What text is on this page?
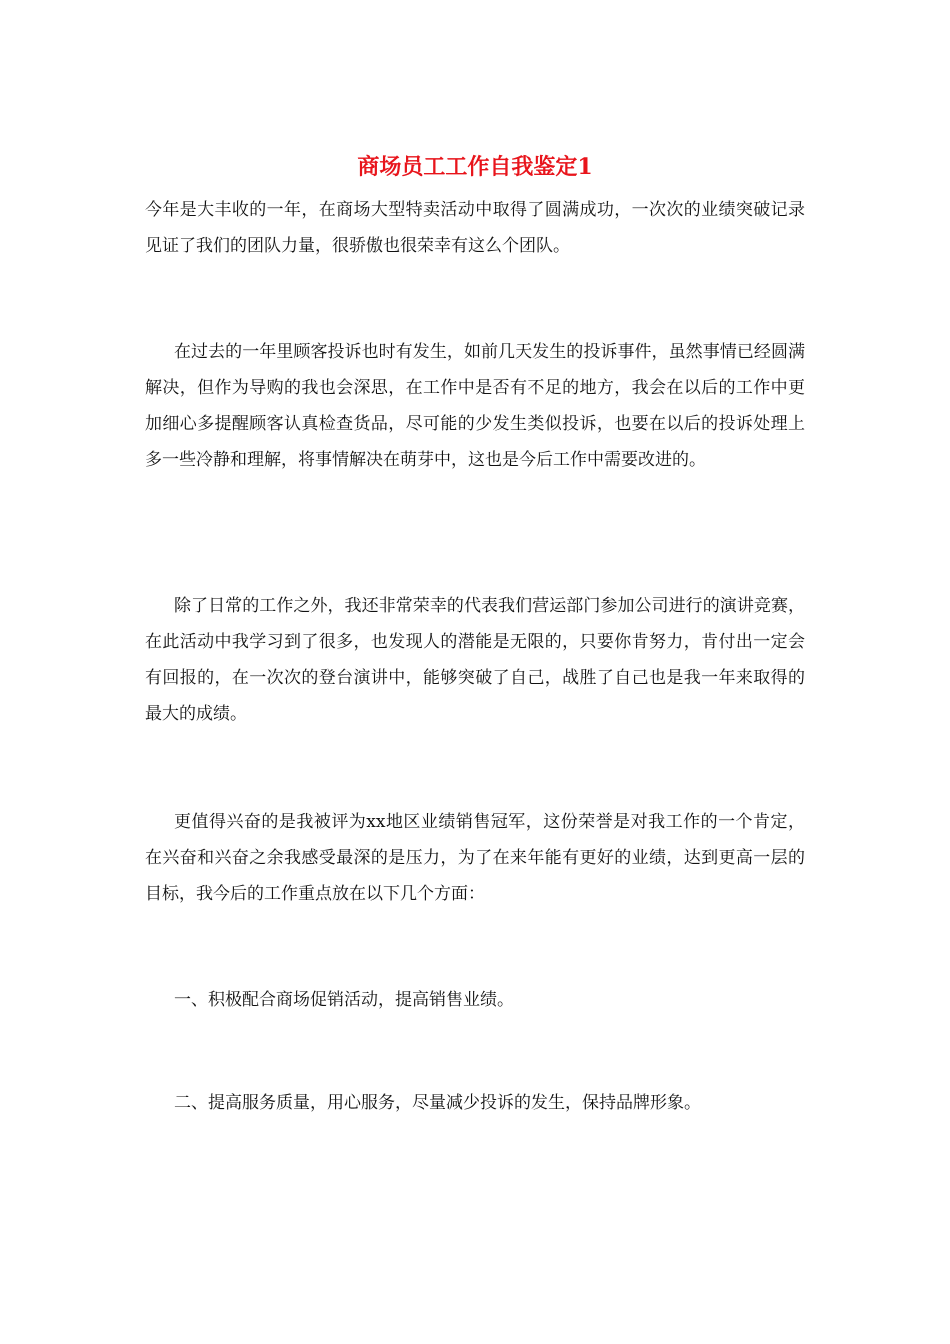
商场员工工作自我鉴定1

今年是大丰收的一年，在商场大型特卖活动中取得了圆满成功，一次次的业绩突破记录见证了我们的团队力量，很骄傲也很荣幸有这么个团队。

在过去的一年里顾客投诉也时有发生，如前几天发生的投诉事件，虽然事情已经圆满解决，但作为导购的我也会深思，在工作中是否有不足的地方，我会在以后的工作中更加细心多提醒顾客认真检查货品，尽可能的少发生类似投诉，也要在以后的投诉处理上多一些冷静和理解，将事情解决在萌芽中，这也是今后工作中需要改进的。

除了日常的工作之外，我还非常荣幸的代表我们营运部门参加公司进行的演讲竞赛，在此活动中我学习到了很多，也发现人的潜能是无限的，只要你肯努力，肯付出一定会有回报的，在一次次的登台演讲中，能够突破了自己，战胜了自己也是我一年来取得的最大的成绩。

更值得兴奋的是我被评为xx地区业绩销售冠军，这份荣誉是对我工作的一个肯定，在兴奋和兴奋之余我感受最深的是压力，为了在来年能有更好的业绩，达到更高一层的目标，我今后的工作重点放在以下几个方面：

一、积极配合商场促销活动，提高销售业绩。

二、提高服务质量，用心服务，尽量减少投诉的发生，保持品牌形象。
